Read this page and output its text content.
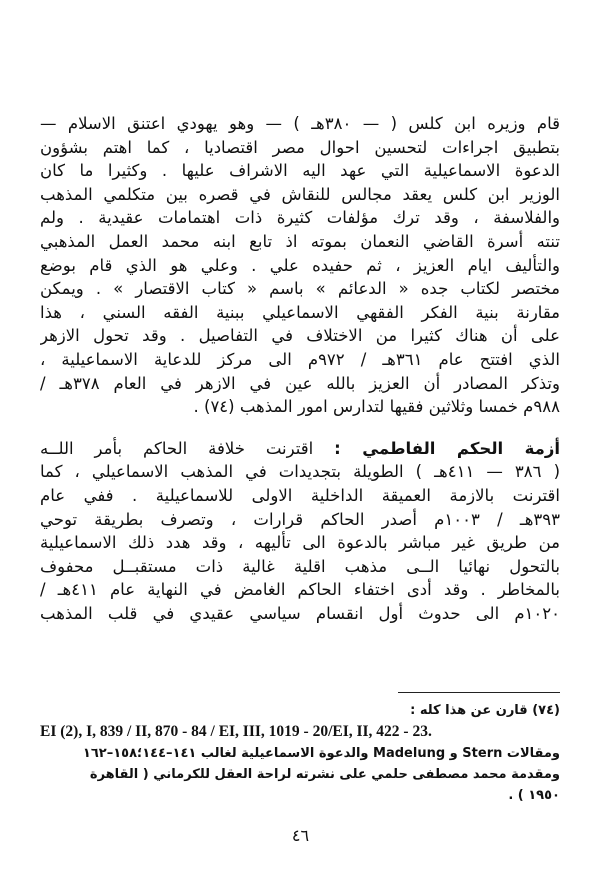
قام وزيره ابن كلس ( — ٣٨٠هـ ) — وهو يهودي اعتنق الاسلام —
بتطبيق اجراءات لتحسين احوال مصر اقتصاديا ، كما اهتم بشؤون
الدعوة الاسماعيلية التي عهد اليه الاشراف عليها . وكثيرا ما كان
الوزير ابن كلس يعقد مجالس للنقاش في قصره بين متكلمي المذهب
والفلاسفة ، وقد ترك مؤلفات كثيرة ذات اهتمامات عقيدية . ولم
تنته أسرة القاضي النعمان بموته اذ تابع ابنه محمد العمل المذهبي
والتأليف ايام العزيز ، ثم حفيده علي . وعلي هو الذي قام بوضع
مختصر لكتاب جده « الدعائم » باسم « كتاب الاقتصار » . ويمكن
مقارنة بنية الفكر الفقهي الاسماعيلي ببنية الفقه السني ، هذا
على أن هناك كثيرا من الاختلاف في التفاصيل . وقد تحول الازهر
الذي افتتح عام ٣٦١هـ / ٩٧٢م الى مركز للدعاية الاسماعيلية ،
وتذكر المصادر أن العزيز بالله عين في الازهر في العام ٣٧٨هـ /
٩٨٨م خمسا وثلاثين فقيها لتدارس امور المذهب (٧٤) .
أزمة الحكم الفاطمي : اقترنت خلافة الحاكم بأمر اللــه
( ٣٨٦ — ٤١١هـ ) الطويلة بتجديدات في المذهب الاسماعيلي ، كما
اقترنت بالازمة العميقة الداخلية الاولى للاسماعيلية . ففي عام
٣٩٣هـ / ١٠٠٣م أصدر الحاكم قرارات ، وتصرف بطريقة توحي
من طريق غير مباشر بالدعوة الى تأليهه ، وقد هدد ذلك الاسماعيلية
بالتحول نهائيا الــى مذهب اقلية غالية ذات مستقبــل محفوف
بالمخاطر . وقد أدى اختفاء الحاكم الغامض في النهاية عام ٤١١هـ /
١٠٢٠م الى حدوث أول انقسام سياسي عقيدي في قلب المذهب
(٧٤) قارن عن هذا كله :
EI (2), I, 839 / II, 870 - 84 / EI, III, 1019 - 20/EI, II, 422 - 23.
ومقالات Stern و Madelung والدعوة الاسماعيلية لغالب ١٤١–١٤٤؛١٥٨–١٦٢
ومقدمة محمد مصطفى حلمي على نشرته لراحة العقل للكرماني ( القاهرة
١٩٥٠ ) .
٤٦
